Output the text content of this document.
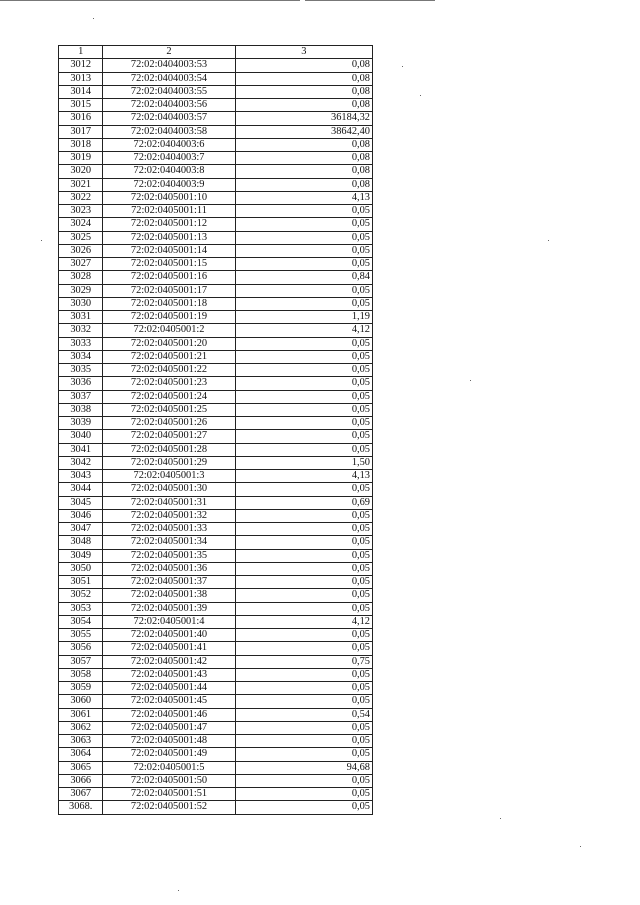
1	2	3
3012	72:02:0404003:53	0,08
3013	72:02:0404003:54	0,08
3014	72:02:0404003:55	0,08
3015	72:02:0404003:56	0,08
3016	72:02:0404003:57	36184,32
3017	72:02:0404003:58	38642,40
3018	72:02:0404003:6	0,08
3019	72:02:0404003:7	0,08
3020	72:02:0404003:8	0,08
3021	72:02:0404003:9	0,08
3022	72:02:0405001:10	4,13
3023	72:02:0405001:11	0,05
3024	72:02:0405001:12	0,05
3025	72:02:0405001:13	0,05
3026	72:02:0405001:14	0,05
3027	72:02:0405001:15	0,05
3028	72:02:0405001:16	0,84
3029	72:02:0405001:17	0,05
3030	72:02:0405001:18	0,05
3031	72:02:0405001:19	1,19
3032	72:02:0405001:2	4,12
3033	72:02:0405001:20	0,05
3034	72:02:0405001:21	0,05
3035	72:02:0405001:22	0,05
3036	72:02:0405001:23	0,05
3037	72:02:0405001:24	0,05
3038	72:02:0405001:25	0,05
3039	72:02:0405001:26	0,05
3040	72:02:0405001:27	0,05
3041	72:02:0405001:28	0,05
3042	72:02:0405001:29	1,50
3043	72:02:0405001:3	4,13
3044	72:02:0405001:30	0,05
3045	72:02:0405001:31	0,69
3046	72:02:0405001:32	0,05
3047	72:02:0405001:33	0,05
3048	72:02:0405001:34	0,05
3049	72:02:0405001:35	0,05
3050	72:02:0405001:36	0,05
3051	72:02:0405001:37	0,05
3052	72:02:0405001:38	0,05
3053	72:02:0405001:39	0,05
3054	72:02:0405001:4	4,12
3055	72:02:0405001:40	0,05
3056	72:02:0405001:41	0,05
3057	72:02:0405001:42	0,75
3058	72:02:0405001:43	0,05
3059	72:02:0405001:44	0,05
3060	72:02:0405001:45	0,05
3061	72:02:0405001:46	0,54
3062	72:02:0405001:47	0,05
3063	72:02:0405001:48	0,05
3064	72:02:0405001:49	0,05
3065	72:02:0405001:5	94,68
3066	72:02:0405001:50	0,05
3067	72:02:0405001:51	0,05
3068.	72:02:0405001:52	0,05
